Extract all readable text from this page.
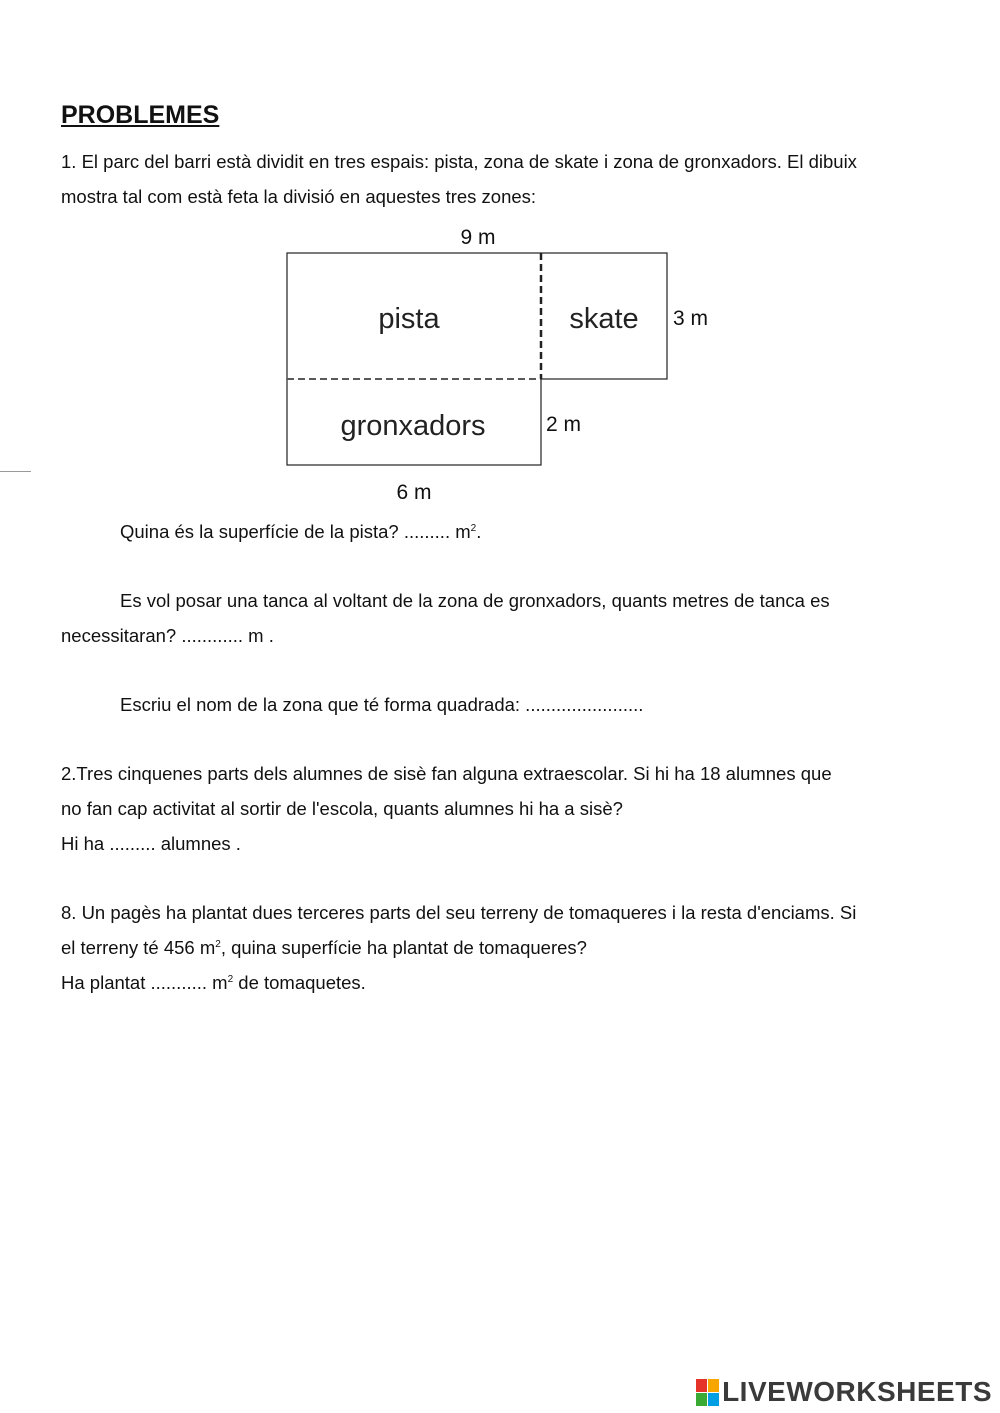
PROBLEMES
1. El parc del barri està dividit en tres espais: pista, zona de skate i zona de gronxadors. El dibuix
mostra tal com està feta la divisió en aquestes tres zones:
9 m
pista	skate
gronxadors
3 m
2 m
6 m
Quina és la superfície de la pista? ......... $m^2$.
Es vol posar una tanca al voltant de la zona de gronxadors, quants metres de tanca es
necessitaran? ............ m .
Escriu el nom de la zona que té forma quadrada: .......................
2.Tres cinquenes parts dels alumnes de sisè fan alguna extraescolar. Si hi ha 18 alumnes que
no fan cap activitat al sortir de l'escola, quants alumnes hi ha a sisè?
Hi ha ......... alumnes .
8. Un pagès ha plantat dues terceres parts del seu terreny de tomaqueres i la resta d'enciams. Si
el terreny té 456 $m^2$, quina superfície ha plantat de tomaqueres?
Ha plantat ........... $m^2$ de tomaquetes.
LIVEWORKSHEETS
